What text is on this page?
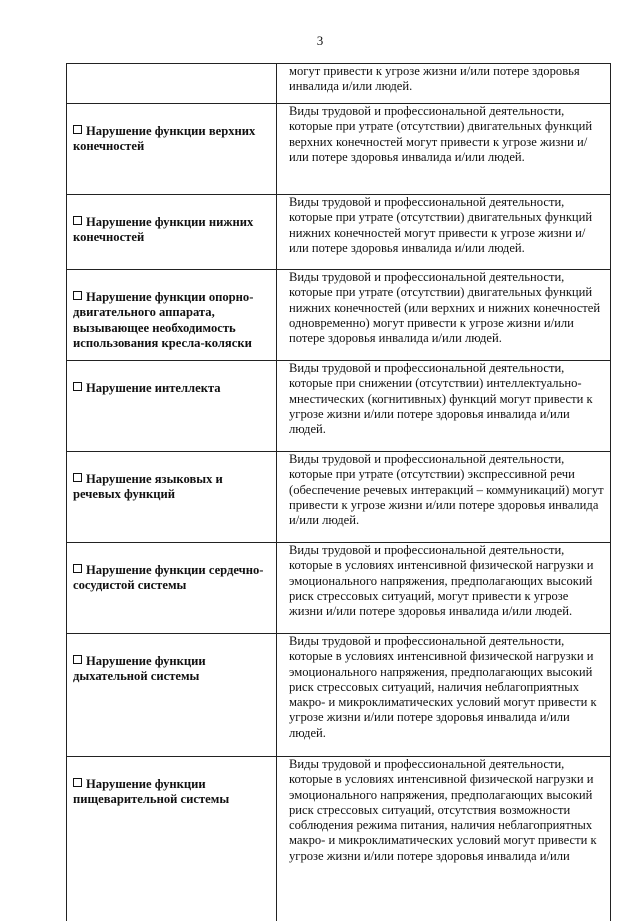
3
	могут привести к угрозе жизни и/или потере здоровья инвалида и/или людей.
Нарушение функции верхних конечностей	Виды трудовой и профессиональной деятельности, которые при утрате (отсутствии) двигательных функций верхних конечностей могут привести к угрозе жизни и/или потере здоровья инвалида и/или людей.
Нарушение функции нижних конечностей	Виды трудовой и профессиональной деятельности, которые при утрате (отсутствии) двигательных функций нижних конечностей могут привести к угрозе жизни и/или потере здоровья инвалида и/или людей.
Нарушение функции опорно-двигательного аппарата, вызывающее необходимость использования кресла-коляски	Виды трудовой и профессиональной деятельности, которые при утрате (отсутствии) двигательных функций нижних конечностей (или верхних и нижних конечностей одновременно) могут привести к угрозе жизни и/или потере здоровья инвалида и/или людей.
Нарушение интеллекта	Виды трудовой и профессиональной деятельности, которые при снижении (отсутствии) интеллектуально-мнестических (когнитивных) функций могут привести к угрозе жизни и/или потере здоровья инвалида и/или людей.
Нарушение языковых и речевых функций	Виды трудовой и профессиональной деятельности, которые при утрате (отсутствии) экспрессивной речи (обеспечение речевых интеракций – коммуникаций) могут привести к угрозе жизни и/или потере здоровья инвалида и/или людей.
Нарушение функции сердечно-сосудистой системы	Виды трудовой и профессиональной деятельности, которые в условиях интенсивной физической нагрузки и эмоционального напряжения, предполагающих высокий риск стрессовых ситуаций, могут привести к угрозе жизни и/или потере здоровья инвалида и/или людей.
Нарушение функции дыхательной системы	Виды трудовой и профессиональной деятельности, которые в условиях интенсивной физической нагрузки и эмоционального напряжения, предполагающих высокий риск стрессовых ситуаций, наличия неблагоприятных макро- и микроклиматических условий могут привести к угрозе жизни и/или потере здоровья инвалида и/или людей.
Нарушение функции пищеварительной системы	Виды трудовой и профессиональной деятельности, которые в условиях интенсивной физической нагрузки и эмоционального напряжения, предполагающих высокий риск стрессовых ситуаций, отсутствия возможности соблюдения режима питания, наличия неблагоприятных макро- и микроклиматических условий могут привести к угрозе жизни и/или потере здоровья инвалида и/или
